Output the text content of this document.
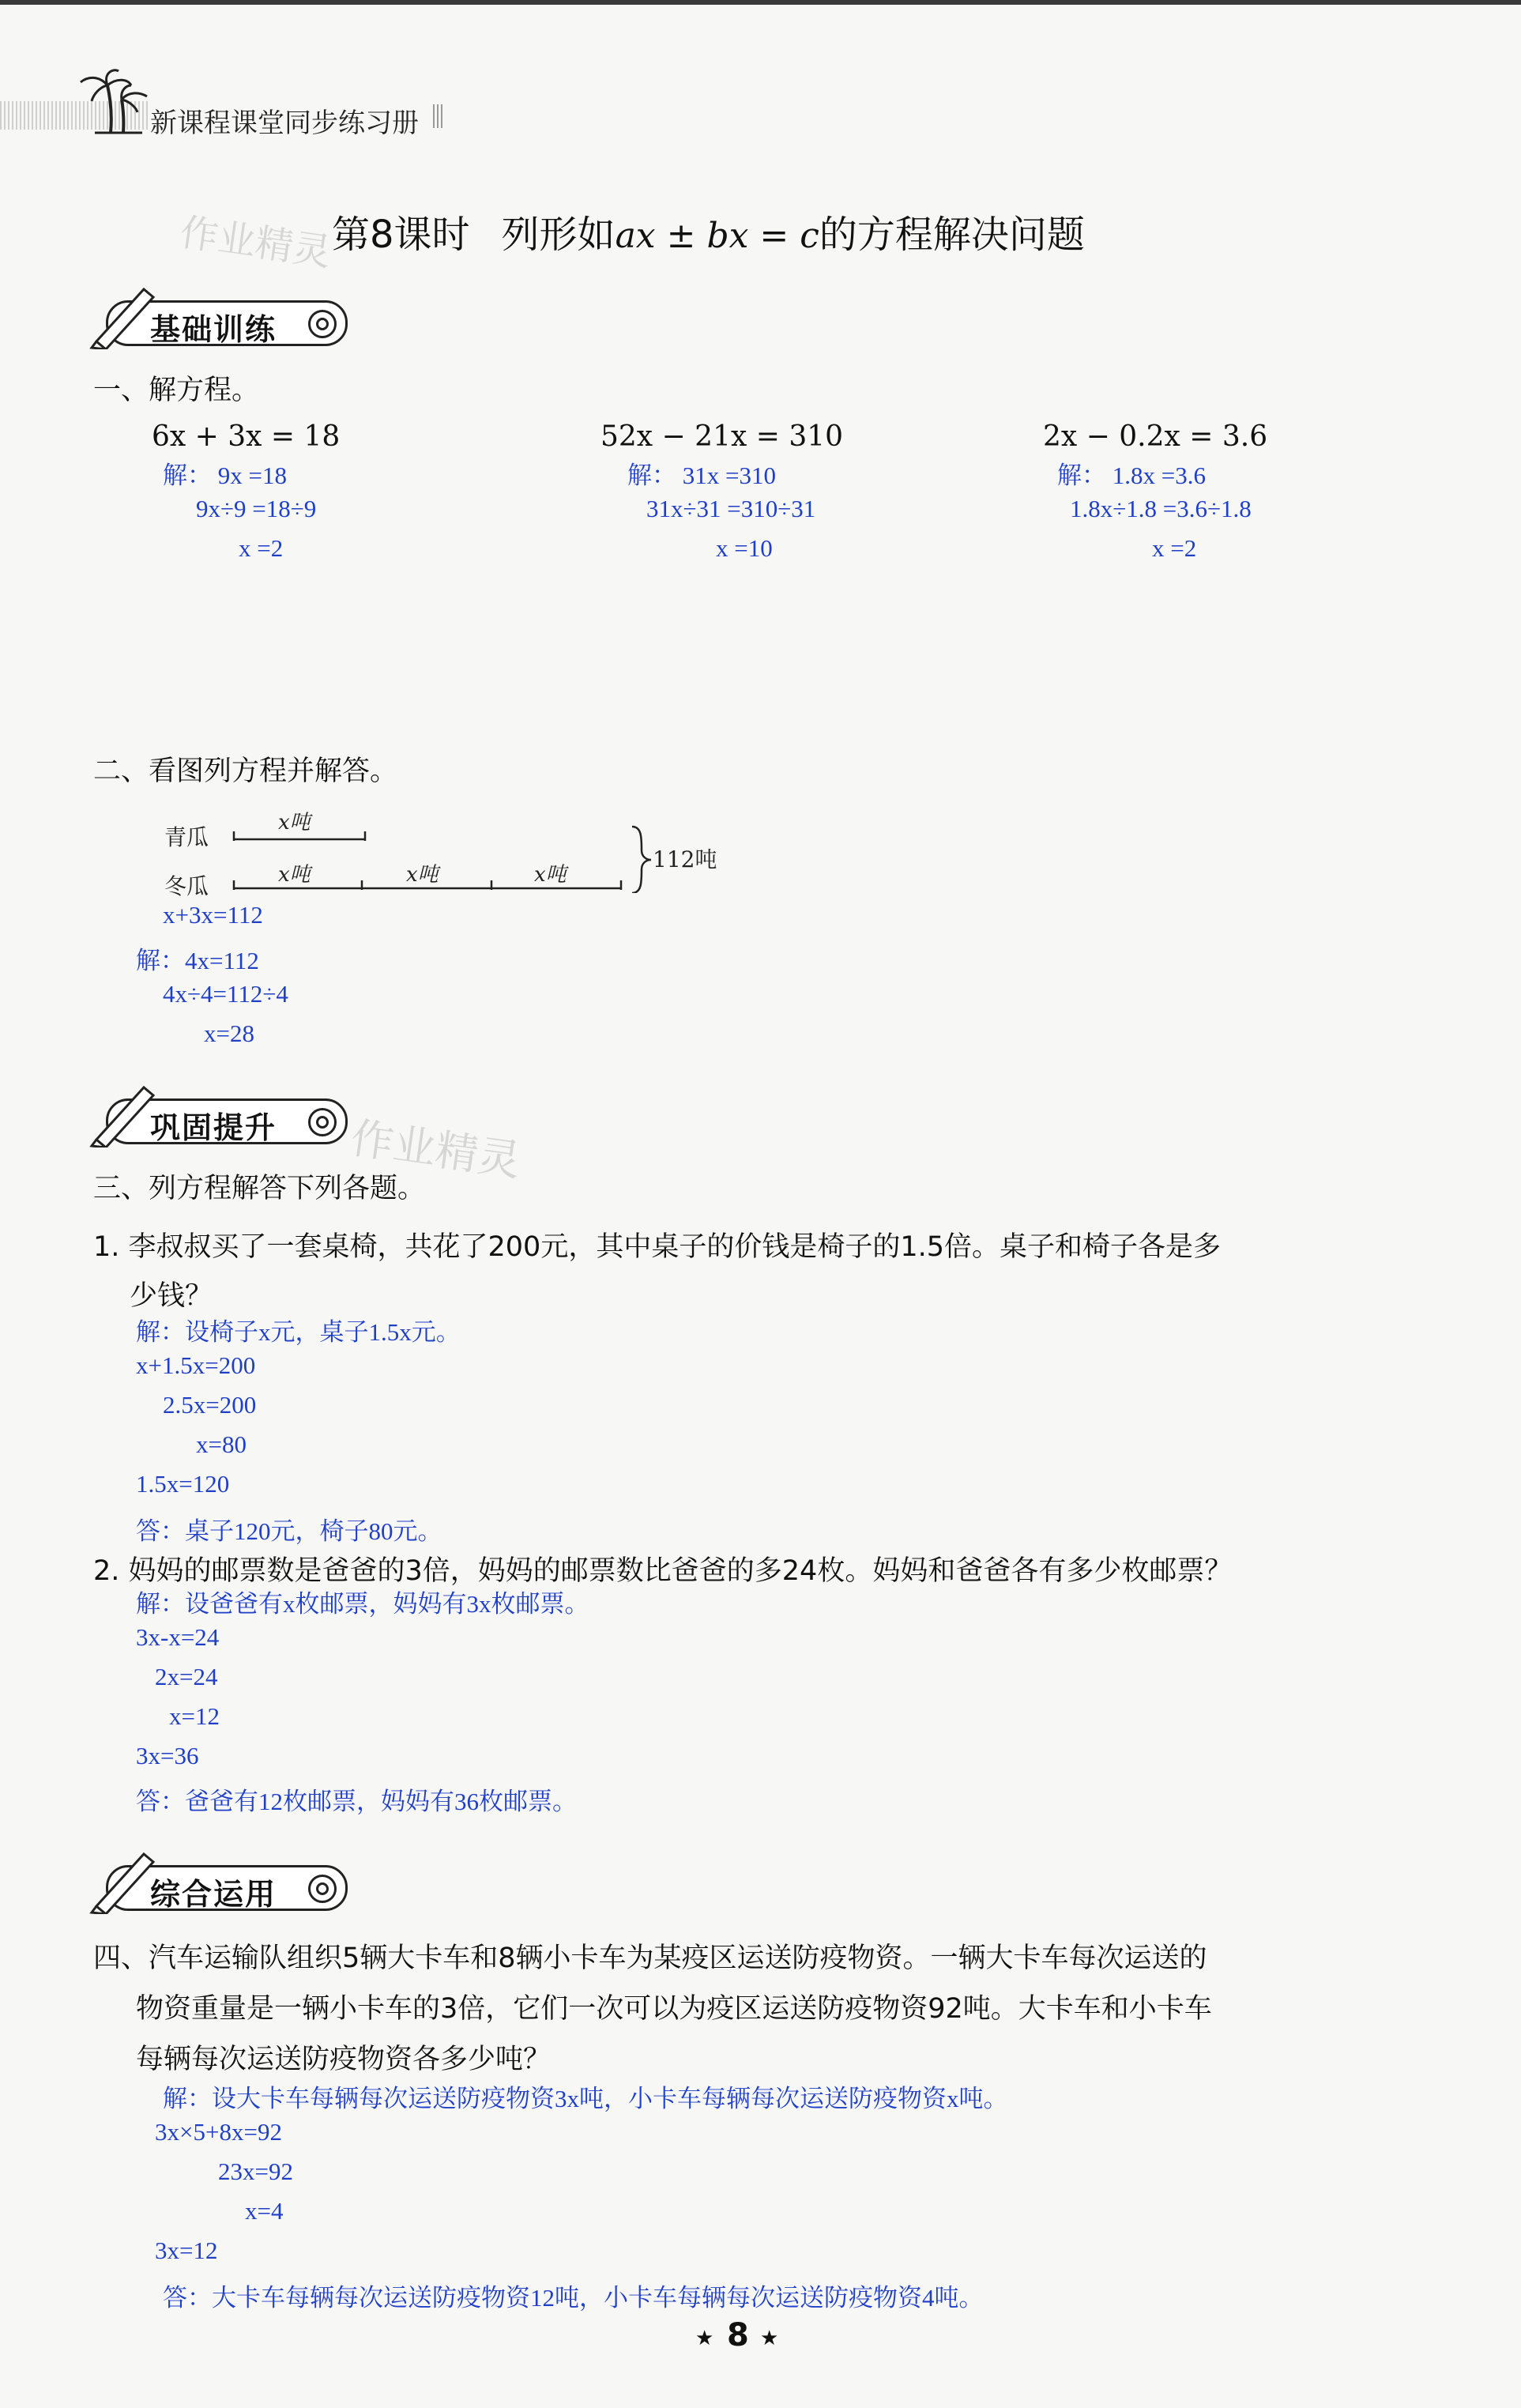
新课程课堂同步练习册
作业精灵
第8课时 列形如ax ± bx = c的方程解决问题
基础训练
一、解方程。
6x + 3x = 18
解： 9x =18
9x÷9 =18÷9
x =2
52x − 21x = 310
解： 31x =310
31x÷31 =310÷31
x =10
2x − 0.2x = 3.6
解： 1.8x =3.6
1.8x÷1.8 =3.6÷1.8
x =2
二、看图列方程并解答。
青瓜
冬瓜
x吨
x吨	x吨	x吨
112吨
x+3x=112
解：4x=112
4x÷4=112÷4
x=28
巩固提升 作业精灵
三、列方程解答下列各题。
1. 李叔叔买了一套桌椅，共花了200元，其中桌子的价钱是椅子的1.5倍。桌子和椅子各是多
少钱？
解：设椅子x元，桌子1.5x元。
x+1.5x=200
2.5x=200
x=80
1.5x=120
答：桌子120元，椅子80元。
2. 妈妈的邮票数是爸爸的3倍，妈妈的邮票数比爸爸的多24枚。妈妈和爸爸各有多少枚邮票？
解：设爸爸有x枚邮票，妈妈有3x枚邮票。
3x-x=24
2x=24
x=12
3x=36
答：爸爸有12枚邮票，妈妈有36枚邮票。
综合运用
四、汽车运输队组织5辆大卡车和8辆小卡车为某疫区运送防疫物资。一辆大卡车每次运送的
物资重量是一辆小卡车的3倍，它们一次可以为疫区运送防疫物资92吨。大卡车和小卡车
每辆每次运送防疫物资各多少吨？
解：设大卡车每辆每次运送防疫物资3x吨，小卡车每辆每次运送防疫物资x吨。
3x×5+8x=92
23x=92
x=4
3x=12
答：大卡车每辆每次运送防疫物资12吨，小卡车每辆每次运送防疫物资4吨。
★ 8 ★
